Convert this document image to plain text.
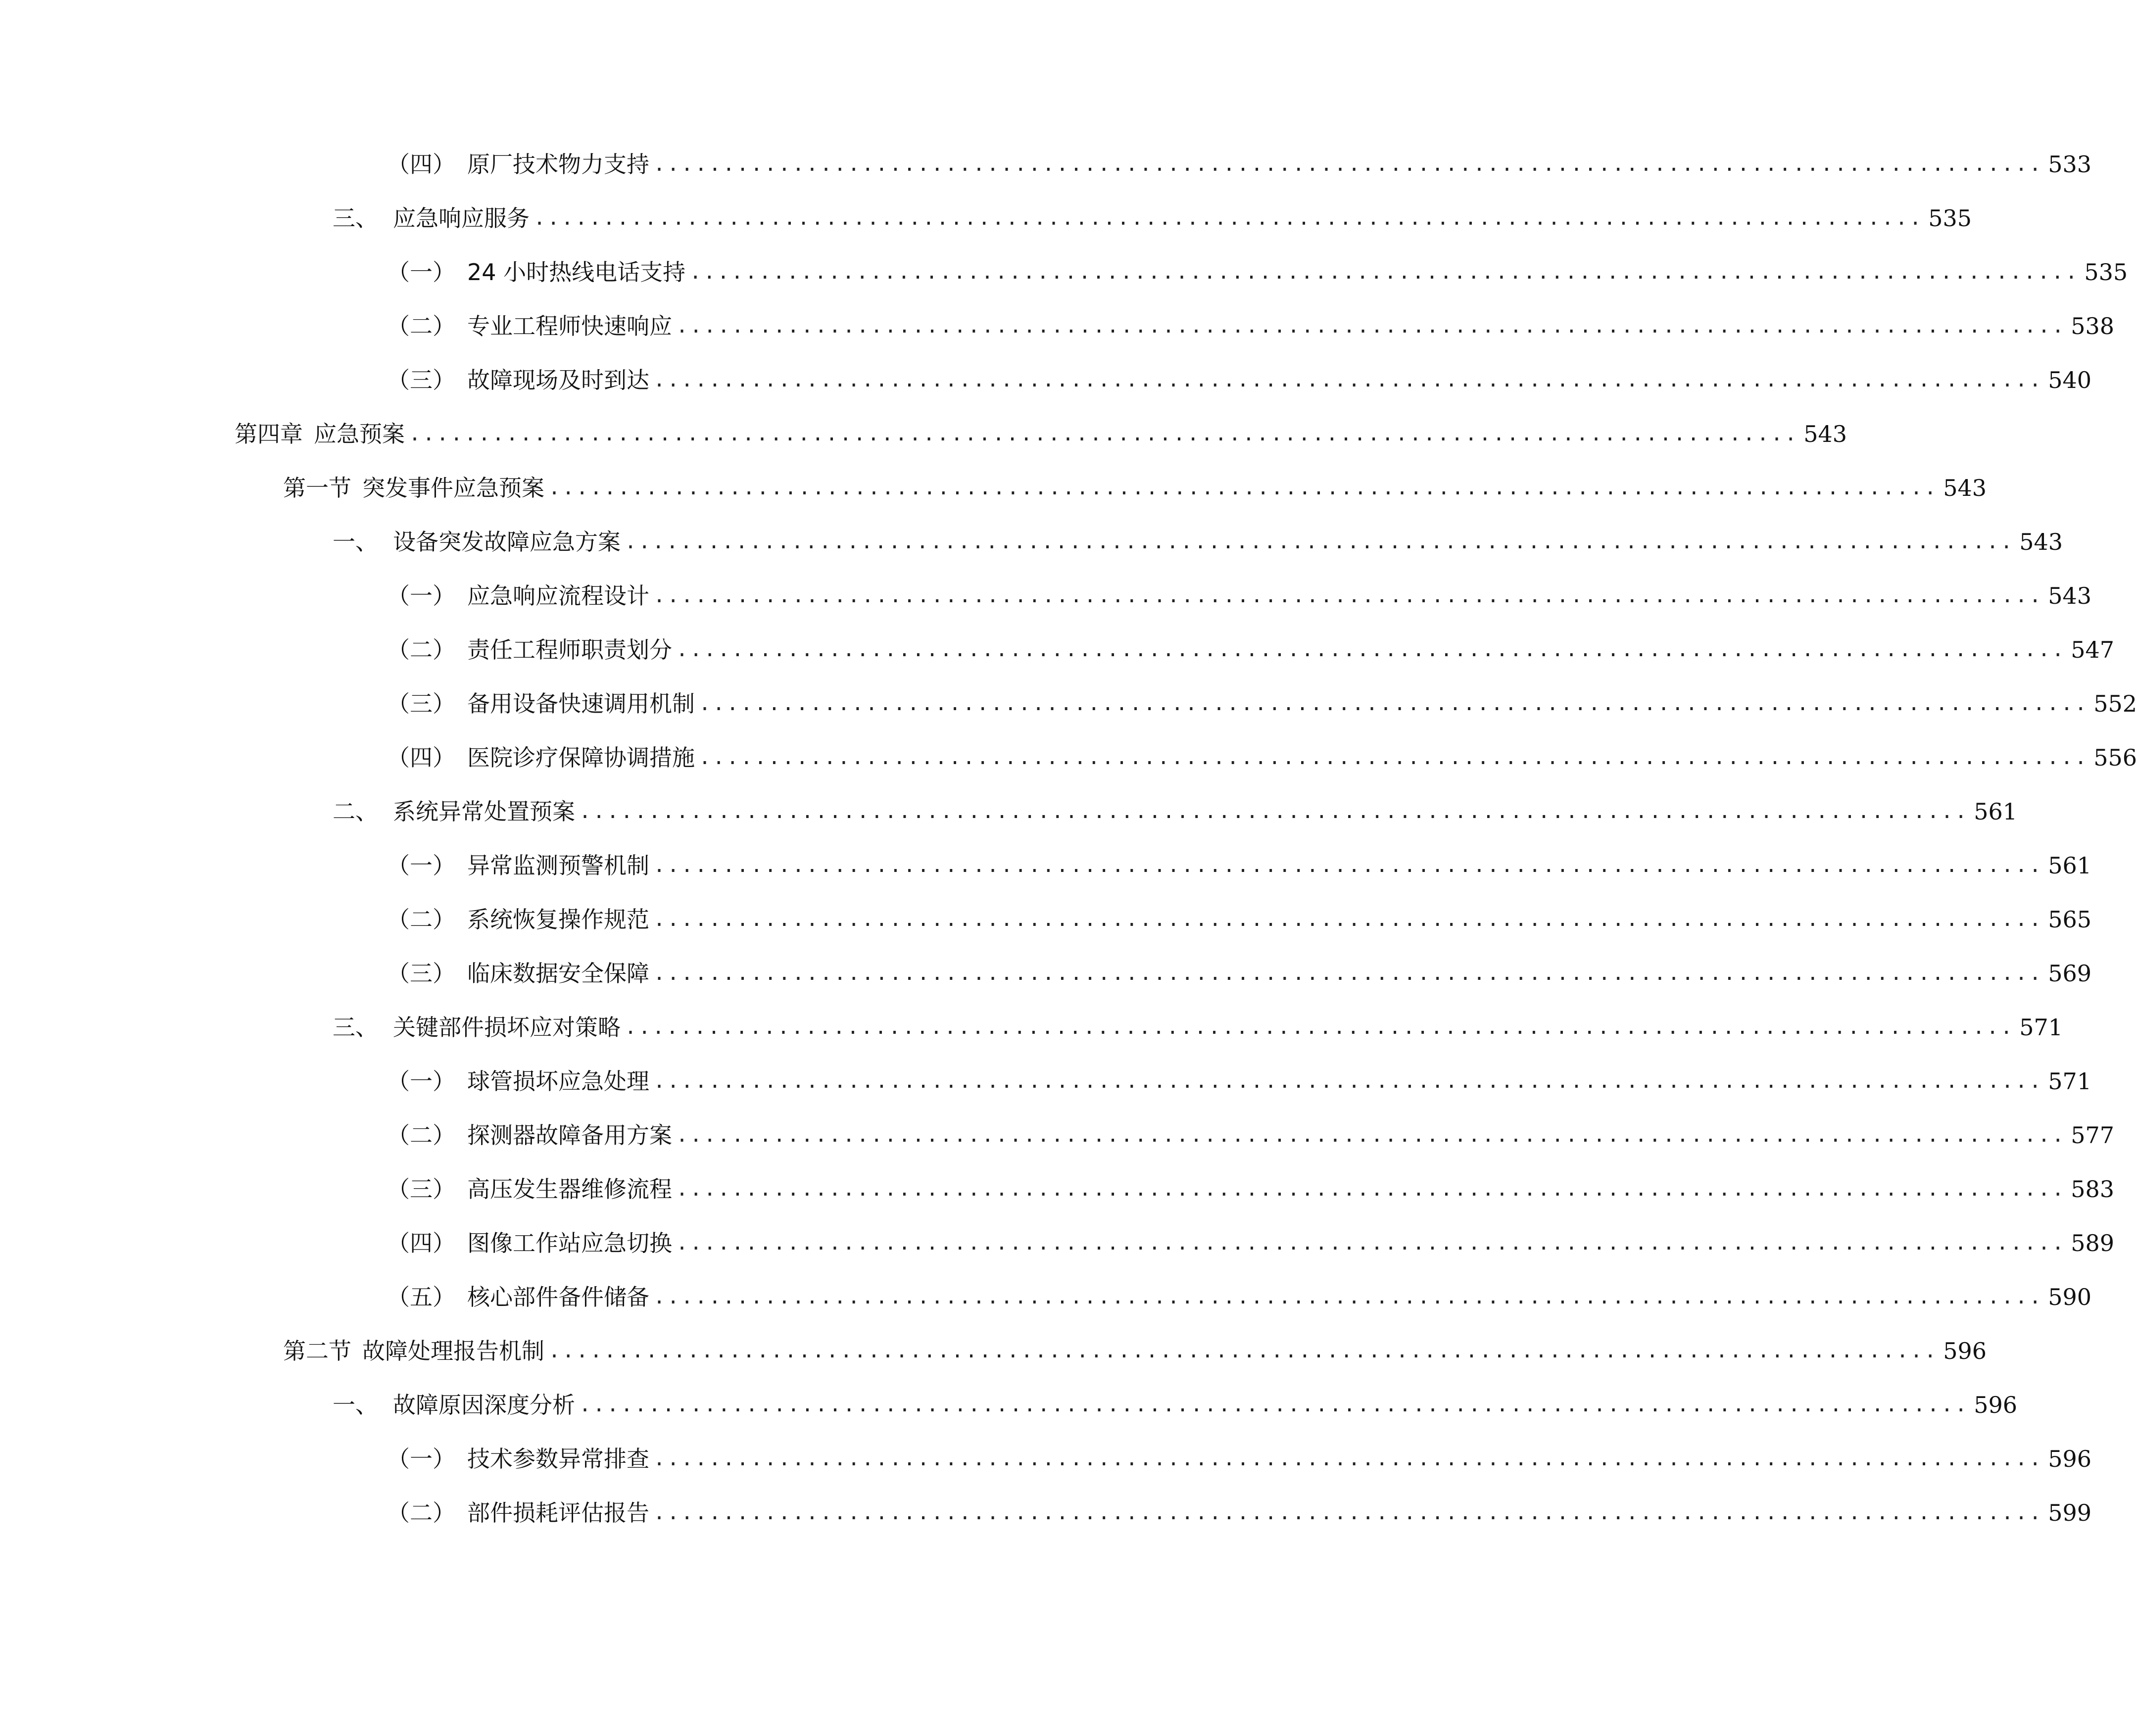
（四） 原厂技术物力支持 .................................................................................................... 533
三、 应急响应服务 .................................................................................................... 535
（一） 24 小时热线电话支持 .................................................................................................... 535
（二） 专业工程师快速响应 .................................................................................................... 538
（三） 故障现场及时到达 .................................................................................................... 540
第四章 应急预案 .................................................................................................... 543
第一节 突发事件应急预案 .................................................................................................... 543
一、 设备突发故障应急方案 .................................................................................................... 543
（一） 应急响应流程设计 .................................................................................................... 543
（二） 责任工程师职责划分 .................................................................................................... 547
（三） 备用设备快速调用机制 .................................................................................................... 552
（四） 医院诊疗保障协调措施 .................................................................................................... 556
二、 系统异常处置预案 .................................................................................................... 561
（一） 异常监测预警机制 .................................................................................................... 561
（二） 系统恢复操作规范 .................................................................................................... 565
（三） 临床数据安全保障 .................................................................................................... 569
三、 关键部件损坏应对策略 .................................................................................................... 571
（一） 球管损坏应急处理 .................................................................................................... 571
（二） 探测器故障备用方案 .................................................................................................... 577
（三） 高压发生器维修流程 .................................................................................................... 583
（四） 图像工作站应急切换 .................................................................................................... 589
（五） 核心部件备件储备 .................................................................................................... 590
第二节 故障处理报告机制 .................................................................................................... 596
一、 故障原因深度分析 .................................................................................................... 596
（一） 技术参数异常排查 .................................................................................................... 596
（二） 部件损耗评估报告 .................................................................................................... 599
